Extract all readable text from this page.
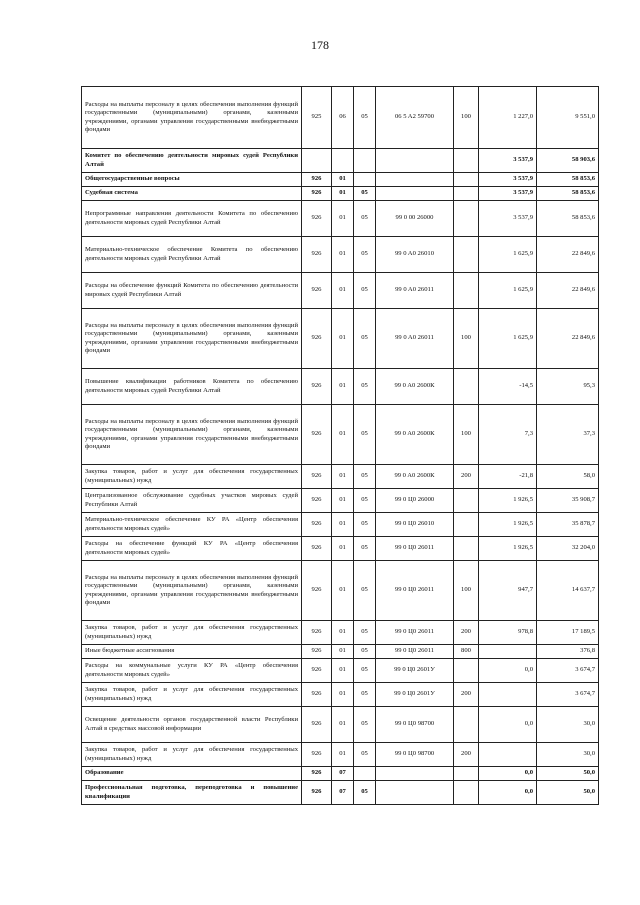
178
Расходы на выплаты персоналу в целях обеспечения выполнения функций государственными (муниципальными) органами, казенными учреждениями, органами управления государственными внебюджетными фондами	925	06	05	06 5 A2 59700	100	1 227,0	9 551,0
Комитет по обеспечению деятельности мировых судей Республики Алтай						3 537,9	58 903,6
Общегосударственные вопросы	926	01				3 537,9	58 853,6
Судебная система	926	01	05			3 537,9	58 853,6
Непрограммные направления деятельности Комитета по обеспечению деятельности мировых судей Республики Алтай	926	01	05	99 0 00 26000		3 537,9	58 853,6
Материально-техническое обеспечение Комитета по обеспечению деятельности мировых судей Республики Алтай	926	01	05	99 0 A0 26010		1 625,9	22 849,6
Расходы на обеспечение функций Комитета по обеспечению деятельности мировых судей Республики Алтай	926	01	05	99 0 A0 26011		1 625,9	22 849,6
Расходы на выплаты персоналу в целях обеспечения выполнения функций государственными (муниципальными) органами, казенными учреждениями, органами управления государственными внебюджетными фондами	926	01	05	99 0 A0 26011	100	1 625,9	22 849,6
Повышение квалификации работников Комитета по обеспечению деятельности мировых судей Республики Алтай	926	01	05	99 0 A0 2600К		-14,5	95,3
Расходы на выплаты персоналу в целях обеспечения выполнения функций государственными (муниципальными) органами, казенными учреждениями, органами управления государственными внебюджетными фондами	926	01	05	99 0 A0 2600К	100	7,3	37,3
Закупка товаров, работ и услуг для обеспечения государственных (муниципальных) нужд	926	01	05	99 0 A0 2600К	200	-21,8	58,0
Централизованное обслуживание судебных участков мировых судей Республики Алтай	926	01	05	99 0 Ц0 26000		1 926,5	35 908,7
Материально-техническое обеспечение КУ РА «Центр обеспечения деятельности мировых судей»	926	01	05	99 0 Ц0 26010		1 926,5	35 878,7
Расходы на обеспечение функций КУ РА «Центр обеспечения деятельности мировых судей»	926	01	05	99 0 Ц0 26011		1 926,5	32 204,0
Расходы на выплаты персоналу в целях обеспечения выполнения функций государственными (муниципальными) органами, казенными учреждениями, органами управления государственными внебюджетными фондами	926	01	05	99 0 Ц0 26011	100	947,7	14 637,7
Закупка товаров, работ и услуг для обеспечения государственных (муниципальных) нужд	926	01	05	99 0 Ц0 26011	200	978,8	17 189,5
Иные бюджетные ассигнования	926	01	05	99 0 Ц0 26011	800		376,8
Расходы на коммунальные услуги КУ РА «Центр обеспечения деятельности мировых судей»	926	01	05	99 0 Ц0 2601У		0,0	3 674,7
Закупка товаров, работ и услуг для обеспечения государственных (муниципальных) нужд	926	01	05	99 0 Ц0 2601У	200		3 674,7
Освещение деятельности органов государственной власти Республики Алтай в средствах массовой информации	926	01	05	99 0 Ц0 98700		0,0	30,0
Закупка товаров, работ и услуг для обеспечения государственных (муниципальных) нужд	926	01	05	99 0 Ц0 98700	200		30,0
Образование	926	07				0,0	50,0
Профессиональная подготовка, переподготовка и повышение квалификации	926	07	05			0,0	50,0
